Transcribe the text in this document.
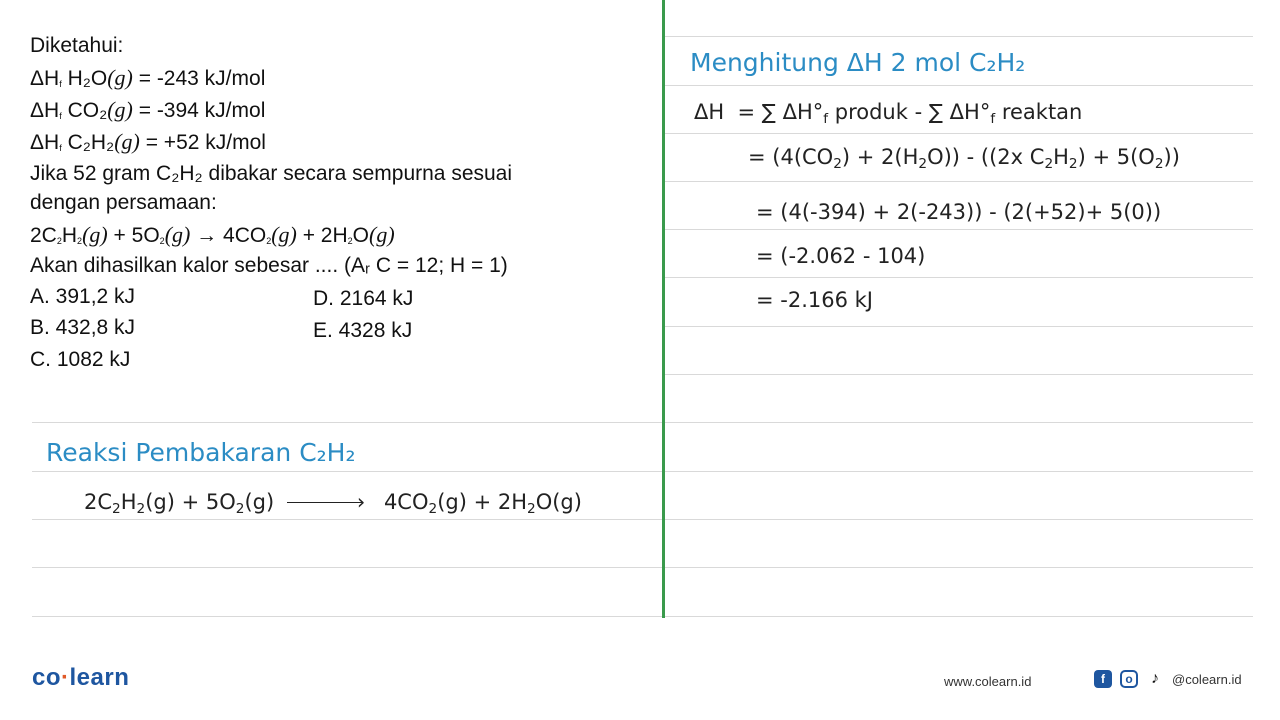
Diketahui:
$\Delta H_f$ H₂O(g) = -243 kJ/mol
$\Delta H_f$ CO₂(g) = -394 kJ/mol
$\Delta H_f$ C₂H₂(g) = +52 kJ/mol
Jika 52 gram C₂H₂ dibakar secara sempurna sesuai
dengan persamaan:
$2C_2H_2(g) + 5O_2(g) \to 4CO_2(g) + 2H_2O(g)$
Akan dihasilkan kalor sebesar .... (Aᵣ C = 12; H = 1)
A. 391,2 kJ
B. 432,8 kJ
C. 1082 kJ
D. 2164 kJ
E. 4328 kJ
Reaksi Pembakaran C₂H₂
$2C_2H_2(g) + 5O_2(g)$	› $4CO_2(g) + 2H_2O(g)$
Menghitung ΔH 2 mol C₂H₂
ΔH  = ∑ $\Delta H^\circ_f$ produk - ∑ $\Delta H^\circ_f$ reaktan
= $(4(CO_2) + 2(H_2O)) - ((2x$ $C_2H_2) + 5(O_2)$)
= (4(-394) + 2(-243)) - (2(+52)+ 5(0))
= (-2.062 - 104)
= -2.166 kJ
co·learn	www.colearn.id	f	o	♪	@colearn.id
